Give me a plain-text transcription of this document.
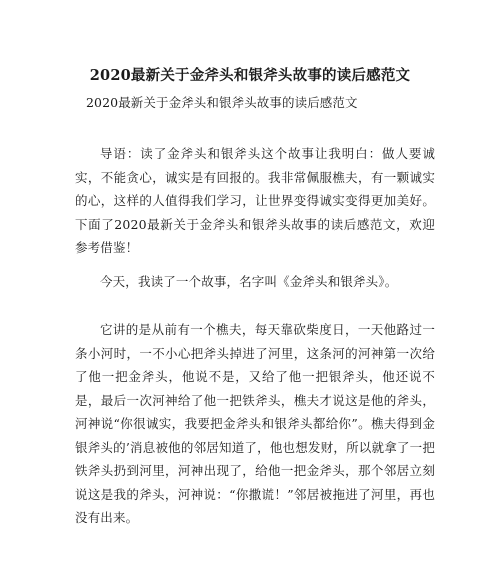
2020最新关于金斧头和银斧头故事的读后感范文
2020最新关于金斧头和银斧头故事的读后感范文
导语：读了金斧头和银斧头这个故事让我明白：做人要诚实，不能贪心，诚实是有回报的。我非常佩服樵夫，有一颗诚实的心，这样的人值得我们学习，让世界变得诚实变得更加美好。下面了2020最新关于金斧头和银斧头故事的读后感范文，欢迎参考借鉴！
今天，我读了一个故事，名字叫《金斧头和银斧头》。
它讲的是从前有一个樵夫，每天靠砍柴度日，一天他路过一条小河时，一不小心把斧头掉进了河里，这条河的河神第一次给了他一把金斧头，他说不是，又给了他一把银斧头，他还说不是，最后一次河神给了他一把铁斧头，樵夫才说这是他的斧头，河神说“你很诚实，我要把金斧头和银斧头都给你”。樵夫得到金银斧头的’消息被他的邻居知道了，他也想发财，所以就拿了一把铁斧头扔到河里，河神出现了，给他一把金斧头，那个邻居立刻说这是我的斧头，河神说：“你撒谎！”邻居被拖进了河里，再也没有出来。
